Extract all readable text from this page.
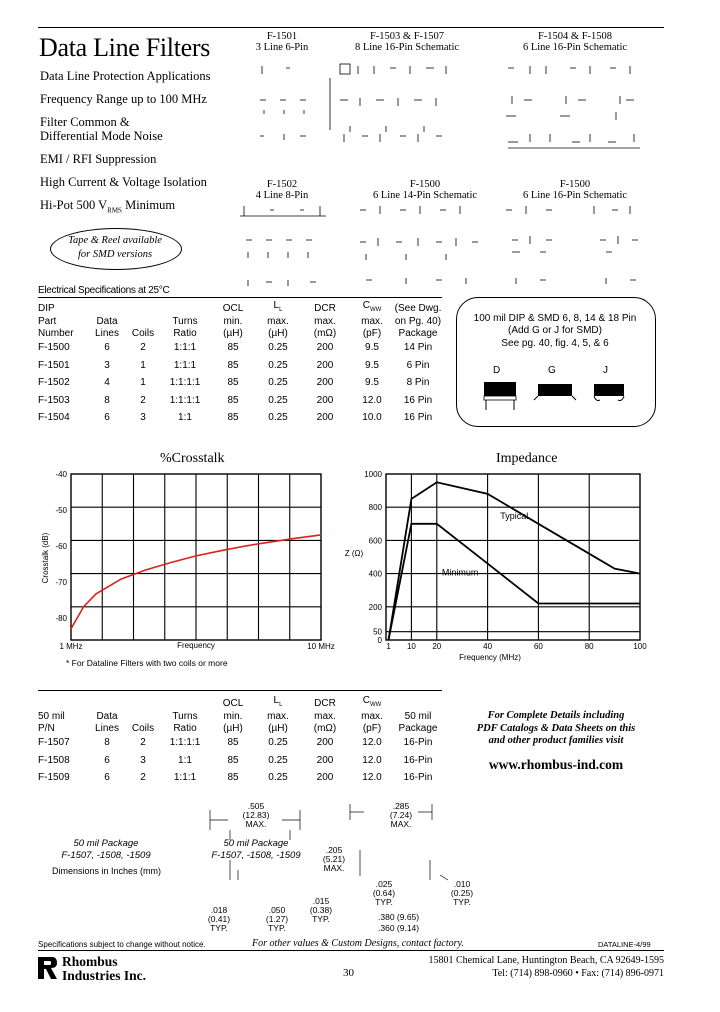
Data Line Filters
Data Line Protection Applications
Frequency Range up to 100 MHz
Filter Common &
Differential Mode Noise
EMI / RFI Suppression
High Current & Voltage Isolation
Hi-Pot 500 $V_{RMS}$ Minimum
Tape & Reel available
for SMD versions
F-1501
3 Line 6-Pin
F-1503 & F-1507
8 Line 16-Pin Schematic
F-1504 & F-1508
6 Line 16-Pin Schematic
F-1502
4 Line 8-Pin
F-1500
6 Line 14-Pin Schematic
F-1500
6 Line 16-Pin Schematic
Electrical Specifications at 25°C
DIP				OCL	$L_L$	DCR	$C_{WW}$	(See Dwg.
Part	Data		Turns	min.	max.	max.	max.	on Pg. 40)
Number	Lines	Coils	Ratio	(µH)	(µH)	(mΩ)	(pF)	Package
F-1500	6	2	1:1:1	85	0.25	200	9.5	14 Pin
F-1501	3	1	1:1:1	85	0.25	200	9.5	6 Pin
F-1502	4	1	1:1:1:1	85	0.25	200	9.5	8 Pin
F-1503	8	2	1:1:1:1	85	0.25	200	12.0	16 Pin
F-1504	6	3	1:1	85	0.25	200	10.0	16 Pin
100 mil DIP & SMD 6, 8, 14 & 18 Pin
(Add G or J for SMD)
See pg. 40, fig. 4, 5, & 6
D	G	J
%Crosstalk
-40
-50
-60
-70
-80
1 MHz	10 MHz
Crosstalk (dB)
Frequency
* For Dataline Filters with two coils or more
Impedance
1000
800
600
400
200
50
0
1 10 20	40	60	80	100
Typical
Minimum
Frequency (MHz)
Z (Ω)
				OCL	$L_L$	DCR	$C_{WW}$	
50 mil	Data		Turns	min.	max.	max.	max.	50 mil
P/N	Lines	Coils	Ratio	(µH)	(µH)	(mΩ)	(pF)	Package
F-1507	8	2	1:1:1:1	85	0.25	200	12.0	16-Pin
F-1508	6	3	1:1	85	0.25	200	12.0	16-Pin
F-1509	6	2	1:1:1	85	0.25	200	12.0	16-Pin
For Complete Details including
PDF Catalogs & Data Sheets on this
and other product families visit
www.rhombus-ind.com
50 mil Package
F-1507, -1508, -1509
Dimensions in Inches (mm)
50 mil Package
F-1507, -1508, -1509
.505
(12.83)
MAX.
.285
(7.24)
MAX.
.205
(5.21)
MAX.
.018
(0.41)
TYP.
.050
(1.27)
TYP.
.015
(0.38)
TYP.
.025
(0.64)
TYP.
.010
(0.25)
TYP.
.380 (9.65)
.360 (9.14)
For other values & Custom Designs, contact factory.
Specifications subject to change without notice.	DATALINE-4/99
Rhombus
Industries Inc.	30
15801 Chemical Lane, Huntington Beach, CA 92649-1595
Tel: (714) 898-0960 • Fax: (714) 896-0971
